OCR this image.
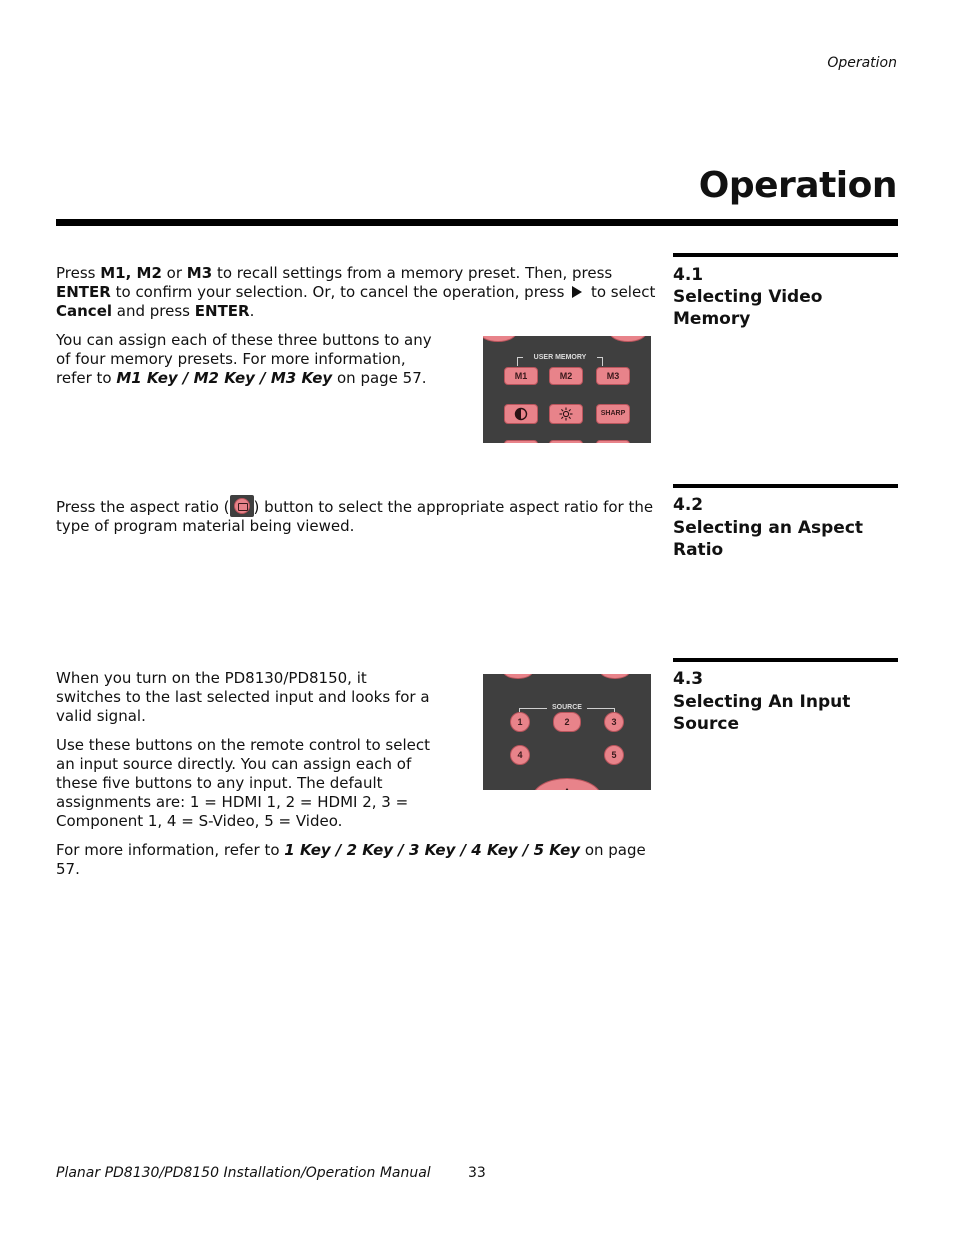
Operation
Operation
4.1
Selecting Video Memory

Press M1, M2 or M3 to recall settings from a memory preset. Then, press ENTER to confirm your selection. Or, to cancel the operation, press  to select Cancel and press ENTER.

You can assign each of these three buttons to any of four memory presets. For more information, refer to M1 Key / M2 Key / M3 Key on page 57.

USER MEMORY
M1	M2	M3
SHARP
4.2
Selecting an Aspect Ratio

Press the aspect ratio ( ) button to select the appropriate aspect ratio for the type of program material being viewed.

4.3
Selecting An Input Source

When you turn on the PD8130/PD8150, it switches to the last selected input and looks for a valid signal.

Use these buttons on the remote control to select an input source directly. You can assign each of these five buttons to any input. The default assignments are: 1 = HDMI 1, 2 = HDMI 2, 3 = Component 1, 4 = S-Video, 5 = Video.

For more information, refer to 1 Key / 2 Key / 3 Key / 4 Key / 5 Key on page 57.

SOURCE
1	2	3
4	5
Planar PD8130/PD8150 Installation/Operation Manual	33
